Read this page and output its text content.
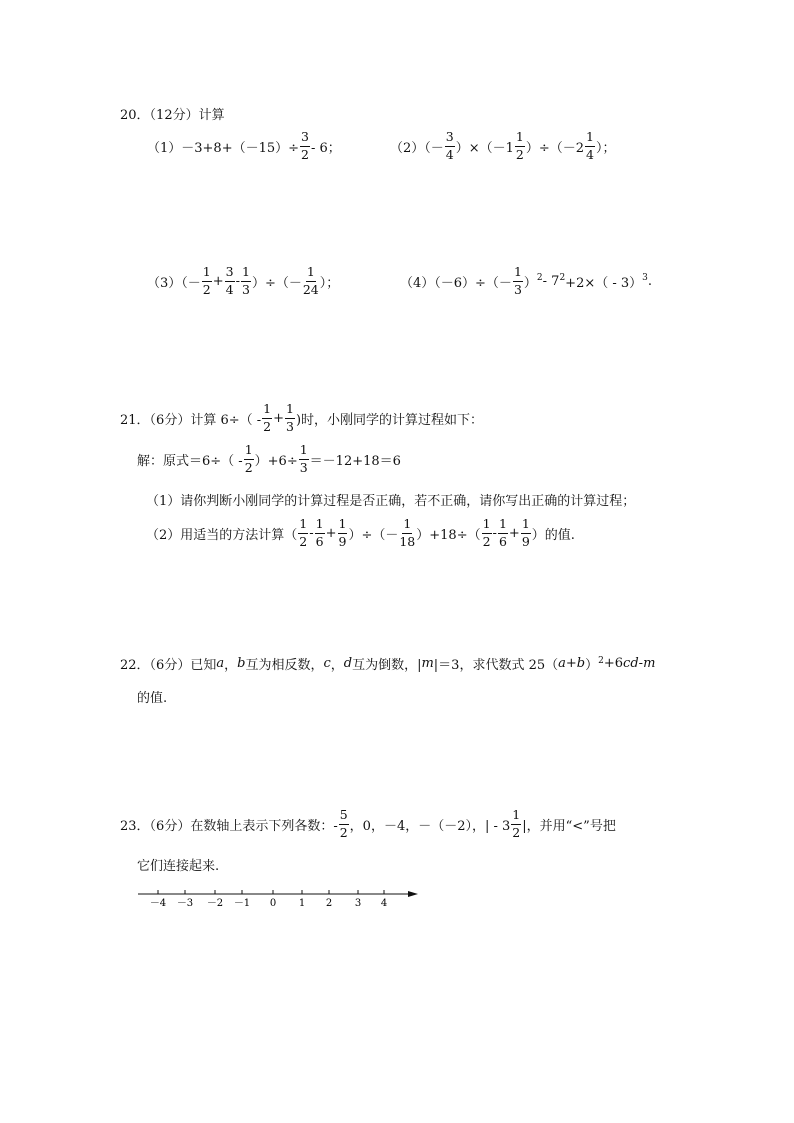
20．（12分）计算
$(1)-3+8+(-15)\div \frac{3}{2} - 6$；	$(2)(- \frac{3}{4} )\times(-1 \frac{1}{2} )\div(-2 \frac{1}{4}$ ）；
$(3)(- \frac{1}{2} + \frac{3}{4} - \frac{1}{3}$ ）÷（－ $\frac{1}{24}$ ）；	$(4)(-6)\div(- \frac{1}{3}$ ） 2 - 7 2 +2×（ - 3） 3 .
21．（6分）计算 $6\div( - \frac{1}{2} + \frac{1}{3}$ )时，小刚同学的计算过程如下：
解：原式$=6\div( - \frac{1}{2} )+6\div \frac{1}{3} =-12+18=6$
（1）请你判断小刚同学的计算过程是否正确，若不正确，请你写出正确的计算过程；
（2）用适当的方法计算（ $\frac{1}{2} - \frac{1}{6} + \frac{1}{9}$ ）÷（－ $\frac{1}{18} )+18\div( \frac{1}{2} - \frac{1}{6} + \frac{1}{9}$ ）的值.
22．（6分）已知 a ， b 互为相反数， c ， d 互为倒数，| m |＝3，求代数式 25（ a + b ） 2 +6 cd - m
的值.
23．（6分）在数轴上表示下列各数：- $\frac{5}{2}$ ，0，－4，－（－2），| - $3 \frac{1}{2}$ |，并用“<”号把
它们连接起来.
－4 －3 －2 －1 0 1 2 3 4
